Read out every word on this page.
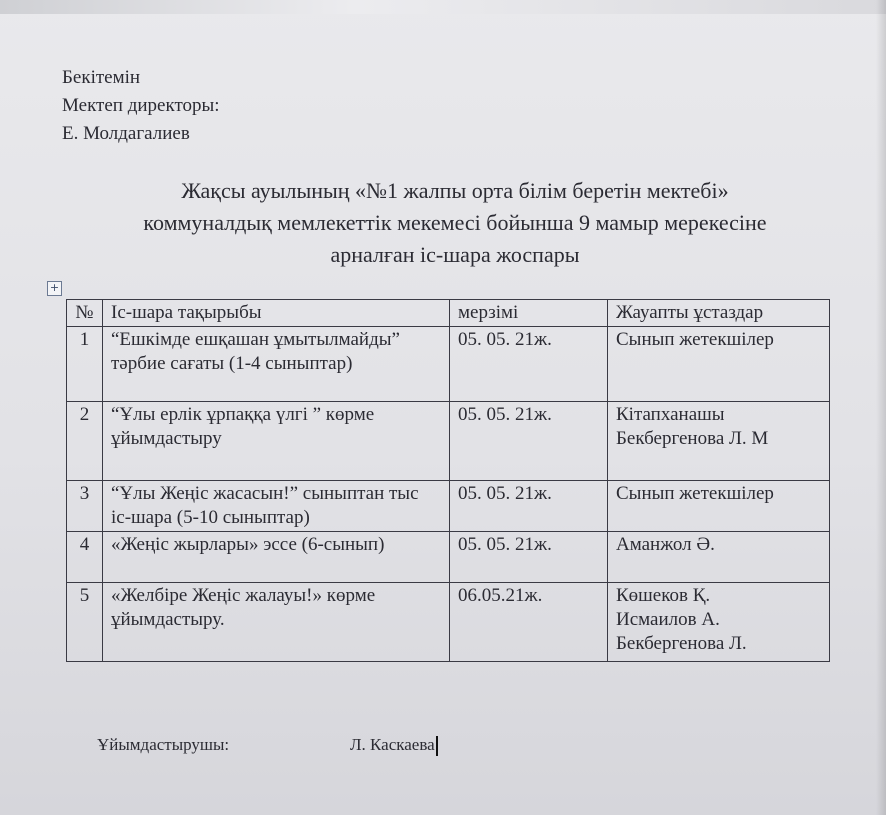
Бекітемін
Мектеп директоры:
Е. Молдагалиев
Жақсы ауылының «№1 жалпы орта білім беретін мектебі»
коммуналдық мемлекеттік мекемесі бойынша 9 мамыр мерекесіне
арналған іс-шара жоспары
+
№	Іс-шара тақырыбы	мерзімі	Жауапты ұстаздар
1	“Ешкімде ешқашан ұмытылмайды” тәрбие сағаты (1-4 сыныптар)	05. 05. 21ж.	Сынып жетекшілер

2	“Ұлы ерлік ұрпаққа үлгі ” көрме ұйымдастыру	05. 05. 21ж.	Кітапханашы
Бекбергенова Л. М

3	“Ұлы Жеңіс жасасын!” сыныптан тыс іс-шара (5-10 сыныптар)	05. 05. 21ж.	Сынып жетекшілер

4	«Жеңіс жырлары» эссе (6-сынып)	05. 05. 21ж.	Аманжол Ә.

5	«Желбіре Жеңіс жалауы!» көрме ұйымдастыру.	06.05.21ж.	Көшеков Қ.
Исмаилов А.
Бекбергенова Л.
Ұйымдастырушы:	Л. Каскаева
